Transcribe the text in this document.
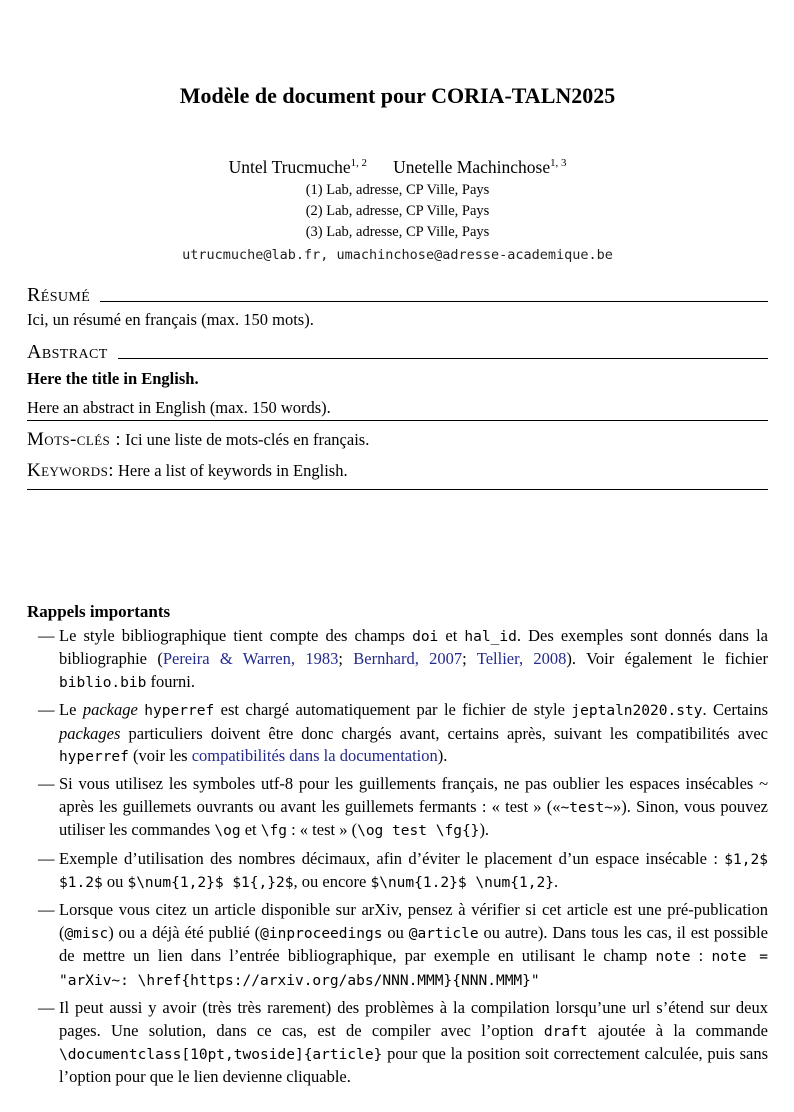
Modèle de document pour CORIA-TALN2025
Untel Trucmuche$^{1, 2}$   Unetelle Machinchose$^{1, 3}$
(1) Lab, adresse, CP Ville, Pays
(2) Lab, adresse, CP Ville, Pays
(3) Lab, adresse, CP Ville, Pays
utrucmuche@lab.fr, umachinchose@adresse-academique.be
Résumé

Ici, un résumé en français (max. 150 mots).

Abstract

Here the title in English.

Here an abstract in English (max. 150 words).

Mots-clés : Ici une liste de mots-clés en français.
Keywords: Here a list of keywords in English.
Rappels importants
— Le style bibliographique tient compte des champs doi et hal_id. Des exemples sont donnés dans la bibliographie (Pereira & Warren, 1983; Bernhard, 2007; Tellier, 2008). Voir également le fichier biblio.bib fourni.
— Le package hyperref est chargé automatiquement par le fichier de style jeptaln2020.sty. Certains packages particuliers doivent être donc chargés avant, certains après, suivant les compatibilités avec hyperref (voir les compatibilités dans la documentation).
— Si vous utilisez les symboles utf-8 pour les guillements français, ne pas oublier les espaces insécables ~ après les guillemets ouvrants ou avant les guillemets fermants : « test » («~test~»). Sinon, vous pouvez utiliser les commandes \og et \fg : « test » (\og test \fg{}).
— Exemple d’utilisation des nombres décimaux, afin d’éviter le placement d’un espace insécable : $1,2$ $1.2$ ou $\num{1,2}$ $1{,}2$, ou encore $\num{1.2}$ \num{1,2}.
— Lorsque vous citez un article disponible sur arXiv, pensez à vérifier si cet article est une pré-publication (@misc) ou a déjà été publié (@inproceedings ou @article ou autre). Dans tous les cas, il est possible de mettre un lien dans l’entrée bibliographique, par exemple en utilisant le champ note : note = "arXiv~: \href{https://arxiv.org/abs/NNN.MMM}{NNN.MMM}"
— Il peut aussi y avoir (très très rarement) des problèmes à la compilation lorsqu’une url s’étend sur deux pages. Une solution, dans ce cas, est de compiler avec l’option draft ajoutée à la commande \documentclass[10pt,twoside]{article} pour que la position soit correctement calculée, puis sans l’option pour que le lien devienne cliquable.
